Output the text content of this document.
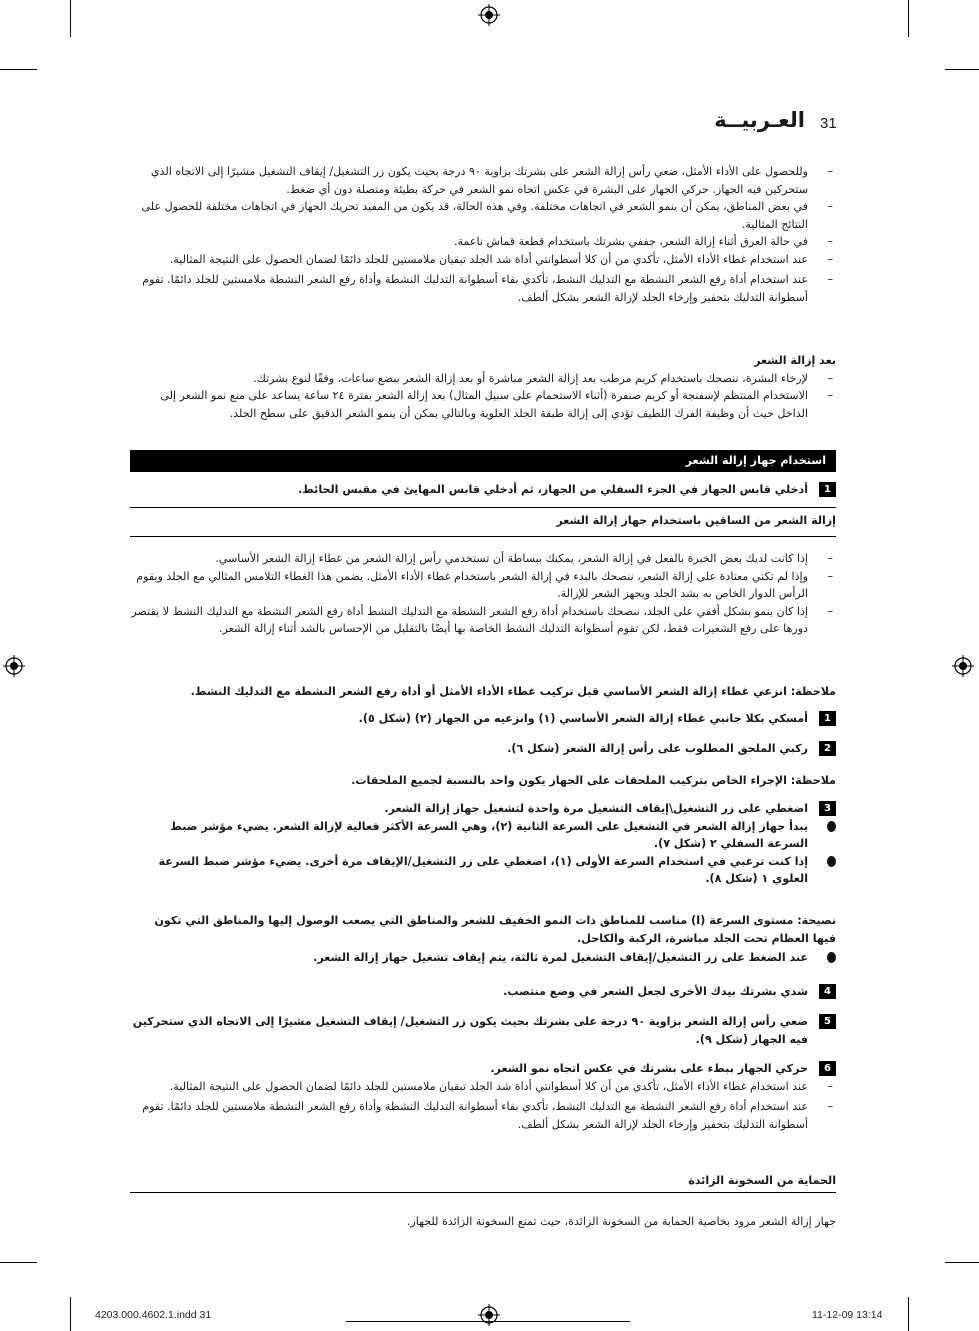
31
العـربيــة

– وللحصول على الأداء الأمثل، ضعي رأس إزالة الشعر على بشرتك بزاوية ٩٠ درجة بحيث يكون زر التشغيل/ إيقاف التشغيل مشيرًا إلى الاتجاه الذي ستحركين فيه الجهاز. حركي الجهاز على البشرة في عكس اتجاه نمو الشعر في حركة بطيئة ومتصلة دون أي ضغط.

– في بعض المناطق، يمكن أن ينمو الشعر في اتجاهات مختلفة. وفي هذه الحالة، قد يكون من المفيد تحريك الجهاز في اتجاهات مختلفة للحصول على النتائج المثالية.

– في حالة العرق أثناء إزالة الشعر، جففي بشرتك باستخدام قطعة قماش ناعمة.

– عند استخدام غطاء الأداء الأمثل، تأكدي من أن كلا أسطوانتي أداة شد الجلد تبقيان ملامستين للجلد دائمًا لضمان الحصول على النتيجة المثالية.

– عند استخدام أداة رفع الشعر النشطة مع التدليك النشط، تأكدي بقاء أسطوانة التدليك النشطة وأداة رفع الشعر النشطة ملامستين للجلد دائمًا. تقوم أسطوانة التدليك بتحفيز وإرخاء الجلد لإزالة الشعر بشكل ألطف.

بعد إزالة الشعر

– لإرخاء البشرة، ننصحك باستخدام كريم مرطب بعد إزالة الشعر مباشرة أو بعد إزالة الشعر ببضع ساعات، وفقًا لنوع بشرتك.

– الاستخدام المنتظم لإسفنجة أو كريم صنفرة (أثناء الاستحمام على سبيل المثال) بعد إزالة الشعر بفترة ٢٤ ساعة يساعد على منع نمو الشعر إلى الداخل حيث أن وظيفة الفرك اللطيف تؤدي إلى إزالة طبقة الجلد العلوية وبالتالي يمكن أن ينمو الشعر الدقيق على سطح الجلد.

استخدام جهاز إزالة الشعر

1
أدخلي قابس الجهاز في الجزء السفلي من الجهاز، ثم أدخلي قابس المهايئ في مقبس الحائط.

إزالة الشعر من الساقين باستخدام جهاز إزالة الشعر

– إذا كانت لديك بعض الخبرة بالفعل في إزالة الشعر، يمكنك ببساطة أن تستخدمي رأس إزالة الشعر من غطاء إزالة الشعر الأساسي.

– وإذا لم تكني معتادة على إزالة الشعر، ننصحك بالبدء في إزالة الشعر باستخدام غطاء الأداء الأمثل. يضمن هذا الغطاء التلامس المثالي مع الجلد ويقوم الرأس الدوار الخاص به بشد الجلد ويجهز الشعر للإزالة.

– إذا كان ينمو بشكل أفقي على الجلد، ننصحك باستخدام أداة رفع الشعر النشطة مع التدليك النشط أداة رفع الشعر النشطة مع التدليك النشط لا يقتصر دورها على رفع الشعيرات فقط، لكن تقوم أسطوانة التدليك النشط الخاصة بها أيضًا بالتقليل من الإحساس بالشد أثناء إزالة الشعر.

ملاحظة: انزعي غطاء إزالة الشعر الأساسي قبل تركيب غطاء الأداء الأمثل أو أداة رفع الشعر النشطة مع التدليك النشط.

1
أمسكي بكلا جانبي غطاء إزالة الشعر الأساسي (١) وانزعيه من الجهاز (٢) (شكل ٥).

2
ركبي الملحق المطلوب على رأس إزالة الشعر (شكل ٦).

ملاحظة: الإجراء الخاص بتركيب الملحقات على الجهاز يكون واحد بالنسبة لجميع الملحقات.

3
اضغطي على زر التشغيل\إيقاف التشغيل مرة واحدة لتشغيل جهاز إزالة الشعر.

يبدأ جهاز إزالة الشعر في التشغيل على السرعة الثانية (٢)، وهي السرعة الأكثر فعالية لإزالة الشعر. يضيء مؤشر ضبط السرعة السفلي ٢ (شكل ٧).

إذا كنت ترغبي في استخدام السرعة الأولى (١)، اضغطي على زر التشغيل/الإيقاف مرة أخرى. يضيء مؤشر ضبط السرعة العلوي ١ (شكل ٨).

نصيحة: مستوى السرعة (I) مناسب للمناطق ذات النمو الخفيف للشعر والمناطق التي يصعب الوصول إليها والمناطق التي تكون فيها العظام تحت الجلد مباشرة، الركبة والكاحل.

عند الضغط على زر التشغيل/إيقاف التشغيل لمرة ثالثة، يتم إيقاف تشغيل جهاز إزالة الشعر.

4
شدي بشرتك بيدك الأخرى لجعل الشعر في وضع منتصب.

5
ضعي رأس إزالة الشعر بزاوية ٩٠ درجة على بشرتك بحيث يكون زر التشغيل/ إيقاف التشغيل مشيرًا إلى الاتجاه الذي ستحركين فيه الجهاز (شكل ٩).

6
حركي الجهاز ببطء على بشرتك في عكس اتجاه نمو الشعر.

– عند استخدام غطاء الأداء الأمثل، تأكدي من أن كلا أسطوانتي أداة شد الجلد تبقيان ملامستين للجلد دائمًا لضمان الحصول على النتيجة المثالية.

– عند استخدام أداة رفع الشعر النشطة مع التدليك النشط، تأكدي بقاء أسطوانة التدليك النشطة وأداة رفع الشعر النشطة ملامستين للجلد دائمًا. تقوم أسطوانة التدليك بتحفيز وإرخاء الجلد لإزالة الشعر بشكل ألطف.

الحماية من السخونة الزائدة

جهاز إزالة الشعر مزود بخاصية الحماية من السخونة الزائدة، حيث تمنع السخونة الزائدة للجهاز.

4203.000.4602.1.indd 31	11-12-09 13:14
